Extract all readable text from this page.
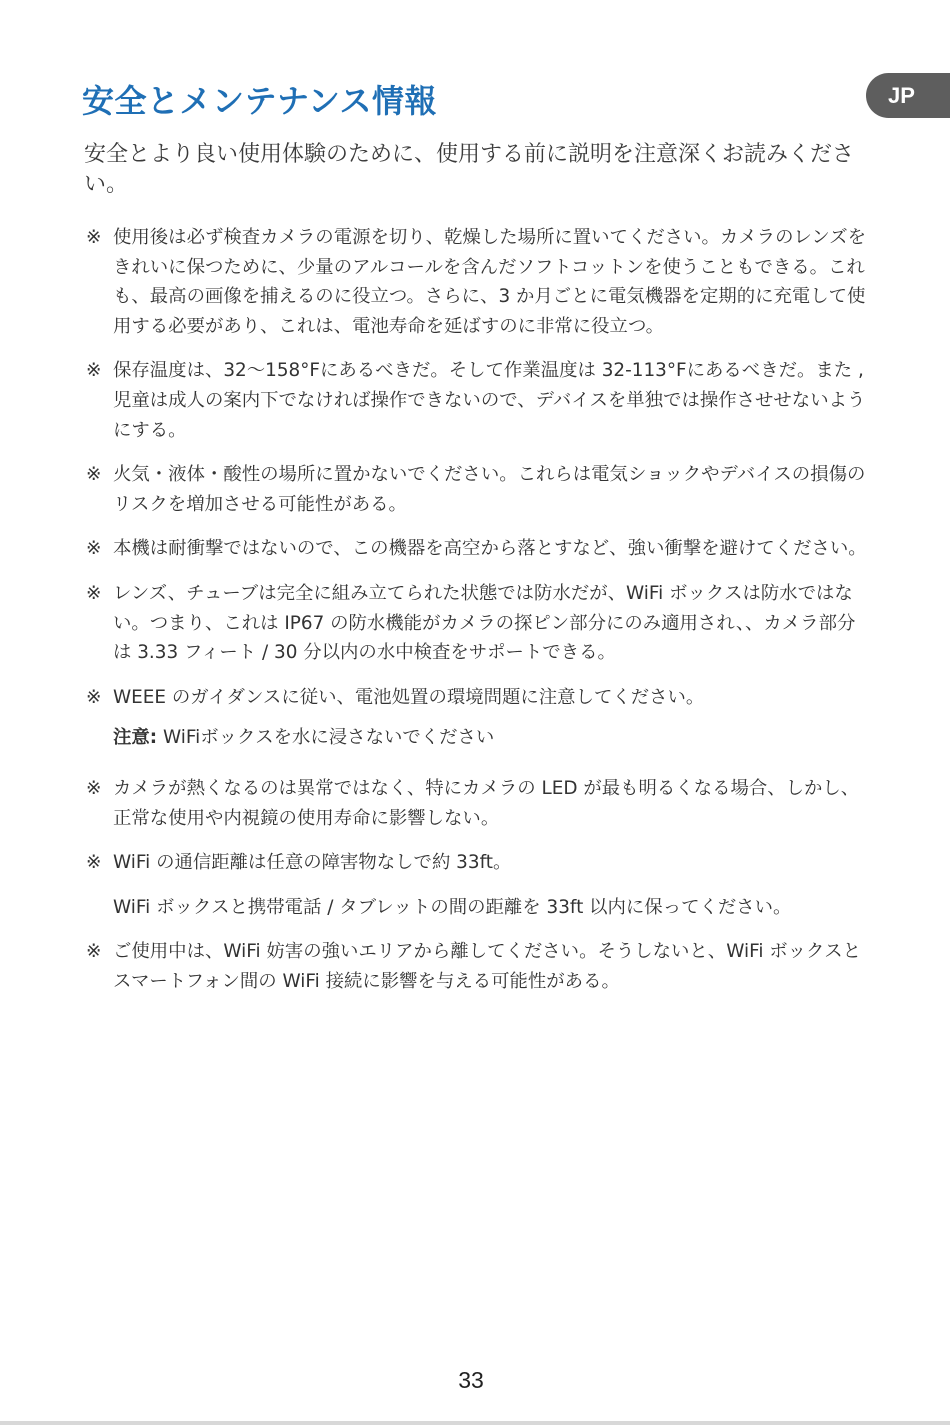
JP
安全とメンテナンス情報

安全とより良い使用体験のために、使用する前に説明を注意深くお読みください。

※ 使用後は必ず検査カメラの電源を切り、乾燥した場所に置いてください。カメラのレンズをきれいに保つために、少量のアルコールを含んだソフトコットンを使うこともできる。これも、最高の画像を捕えるのに役立つ。さらに、3 か月ごとに電気機器を定期的に充電して使用する必要があり、これは、電池寿命を延ばすのに非常に役立つ。
※ 保存温度は、32〜158°Fにあるべきだ。そして作業温度は 32-113°Fにあるべきだ。また , 児童は成人の案内下でなければ操作できないので、デバイスを単独では操作させせないようにする。
※ 火気・液体・酸性の場所に置かないでください。これらは電気ショックやデバイスの損傷のリスクを増加させる可能性がある。
※ 本機は耐衝撃ではないので、この機器を高空から落とすなど、強い衝撃を避けてください。
※ レンズ、チューブは完全に組み立てられた状態では防水だが、WiFi ボックスは防水ではない。つまり、これは IP67 の防水機能がカメラの探ピン部分にのみ適用され、、カメラ部分は 3.33 フィート / 30 分以内の水中検査をサポートできる。
※ WEEE のガイダンスに従い、電池処置の環境問題に注意してください。
注意: WiFiボックスを水に浸さないでください
※ カメラが熱くなるのは異常ではなく、特にカメラの LED が最も明るくなる場合、しかし、正常な使用や内視鏡の使用寿命に影響しない。
※ WiFi の通信距離は任意の障害物なしで約 33ft。
WiFi ボックスと携帯電話 / タブレットの間の距離を 33ft 以内に保ってください。
※ ご使用中は、WiFi 妨害の強いエリアから離してください。そうしないと、WiFi ボックスとスマートフォン間の WiFi 接続に影響を与える可能性がある。
33
